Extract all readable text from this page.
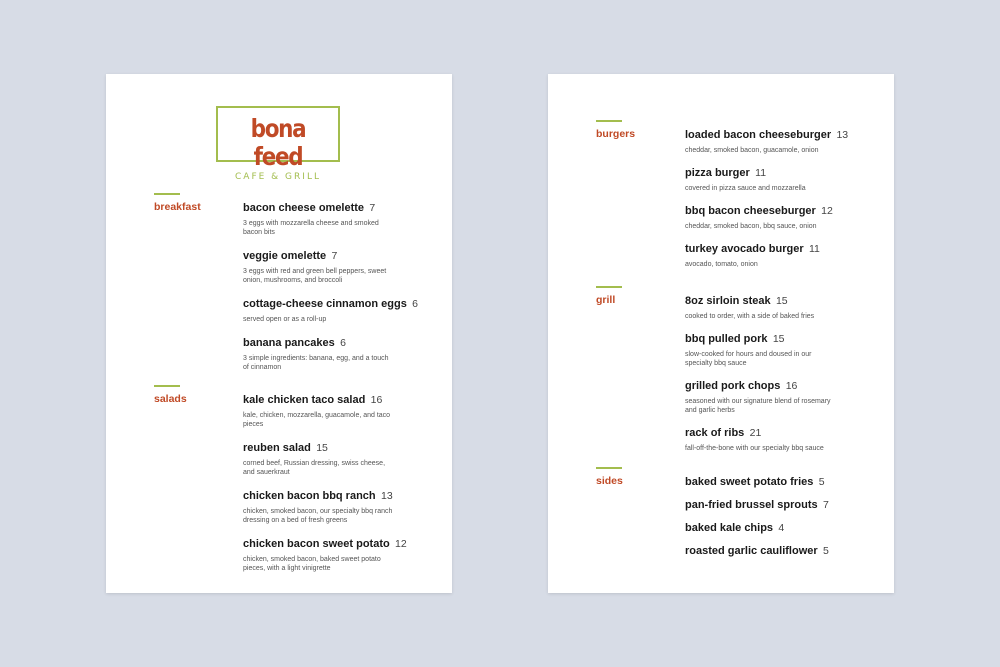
bona feed
CAFE & GRILL
breakfast	bacon cheese omelette 7
3 eggs with mozzarella cheese and smoked bacon bits
veggie omelette 7
3 eggs with red and green bell peppers, sweet onion, mushrooms, and broccoli
cottage-cheese cinnamon eggs 6
served open or as a roll-up
banana pancakes 6
3 simple ingredients: banana, egg, and a touch of cinnamon
salads	kale chicken taco salad 16
kale, chicken, mozzarella, guacamole, and taco pieces
reuben salad 15
corned beef, Russian dressing, swiss cheese, and sauerkraut
chicken bacon bbq ranch 13
chicken, smoked bacon, our specialty bbq ranch dressing on a bed of fresh greens
chicken bacon sweet potato 12
chicken, smoked bacon, baked sweet potato pieces, with a light vinigrette
burgers	loaded bacon cheeseburger 13
cheddar, smoked bacon, guacamole, onion
pizza burger 11
covered in pizza sauce and mozzarella
bbq bacon cheeseburger 12
cheddar, smoked bacon, bbq sauce, onion
turkey avocado burger 11
avocado, tomato, onion
grill	8oz sirloin steak 15
cooked to order, with a side of baked fries
bbq pulled pork 15
slow-cooked for hours and doused in our specialty bbq sauce
grilled pork chops 16
seasoned with our signature blend of rosemary and garlic herbs
rack of ribs 21
fall-off-the-bone with our specialty bbq sauce
sides	baked sweet potato fries 5
pan-fried brussel sprouts 7
baked kale chips 4
roasted garlic cauliflower 5
